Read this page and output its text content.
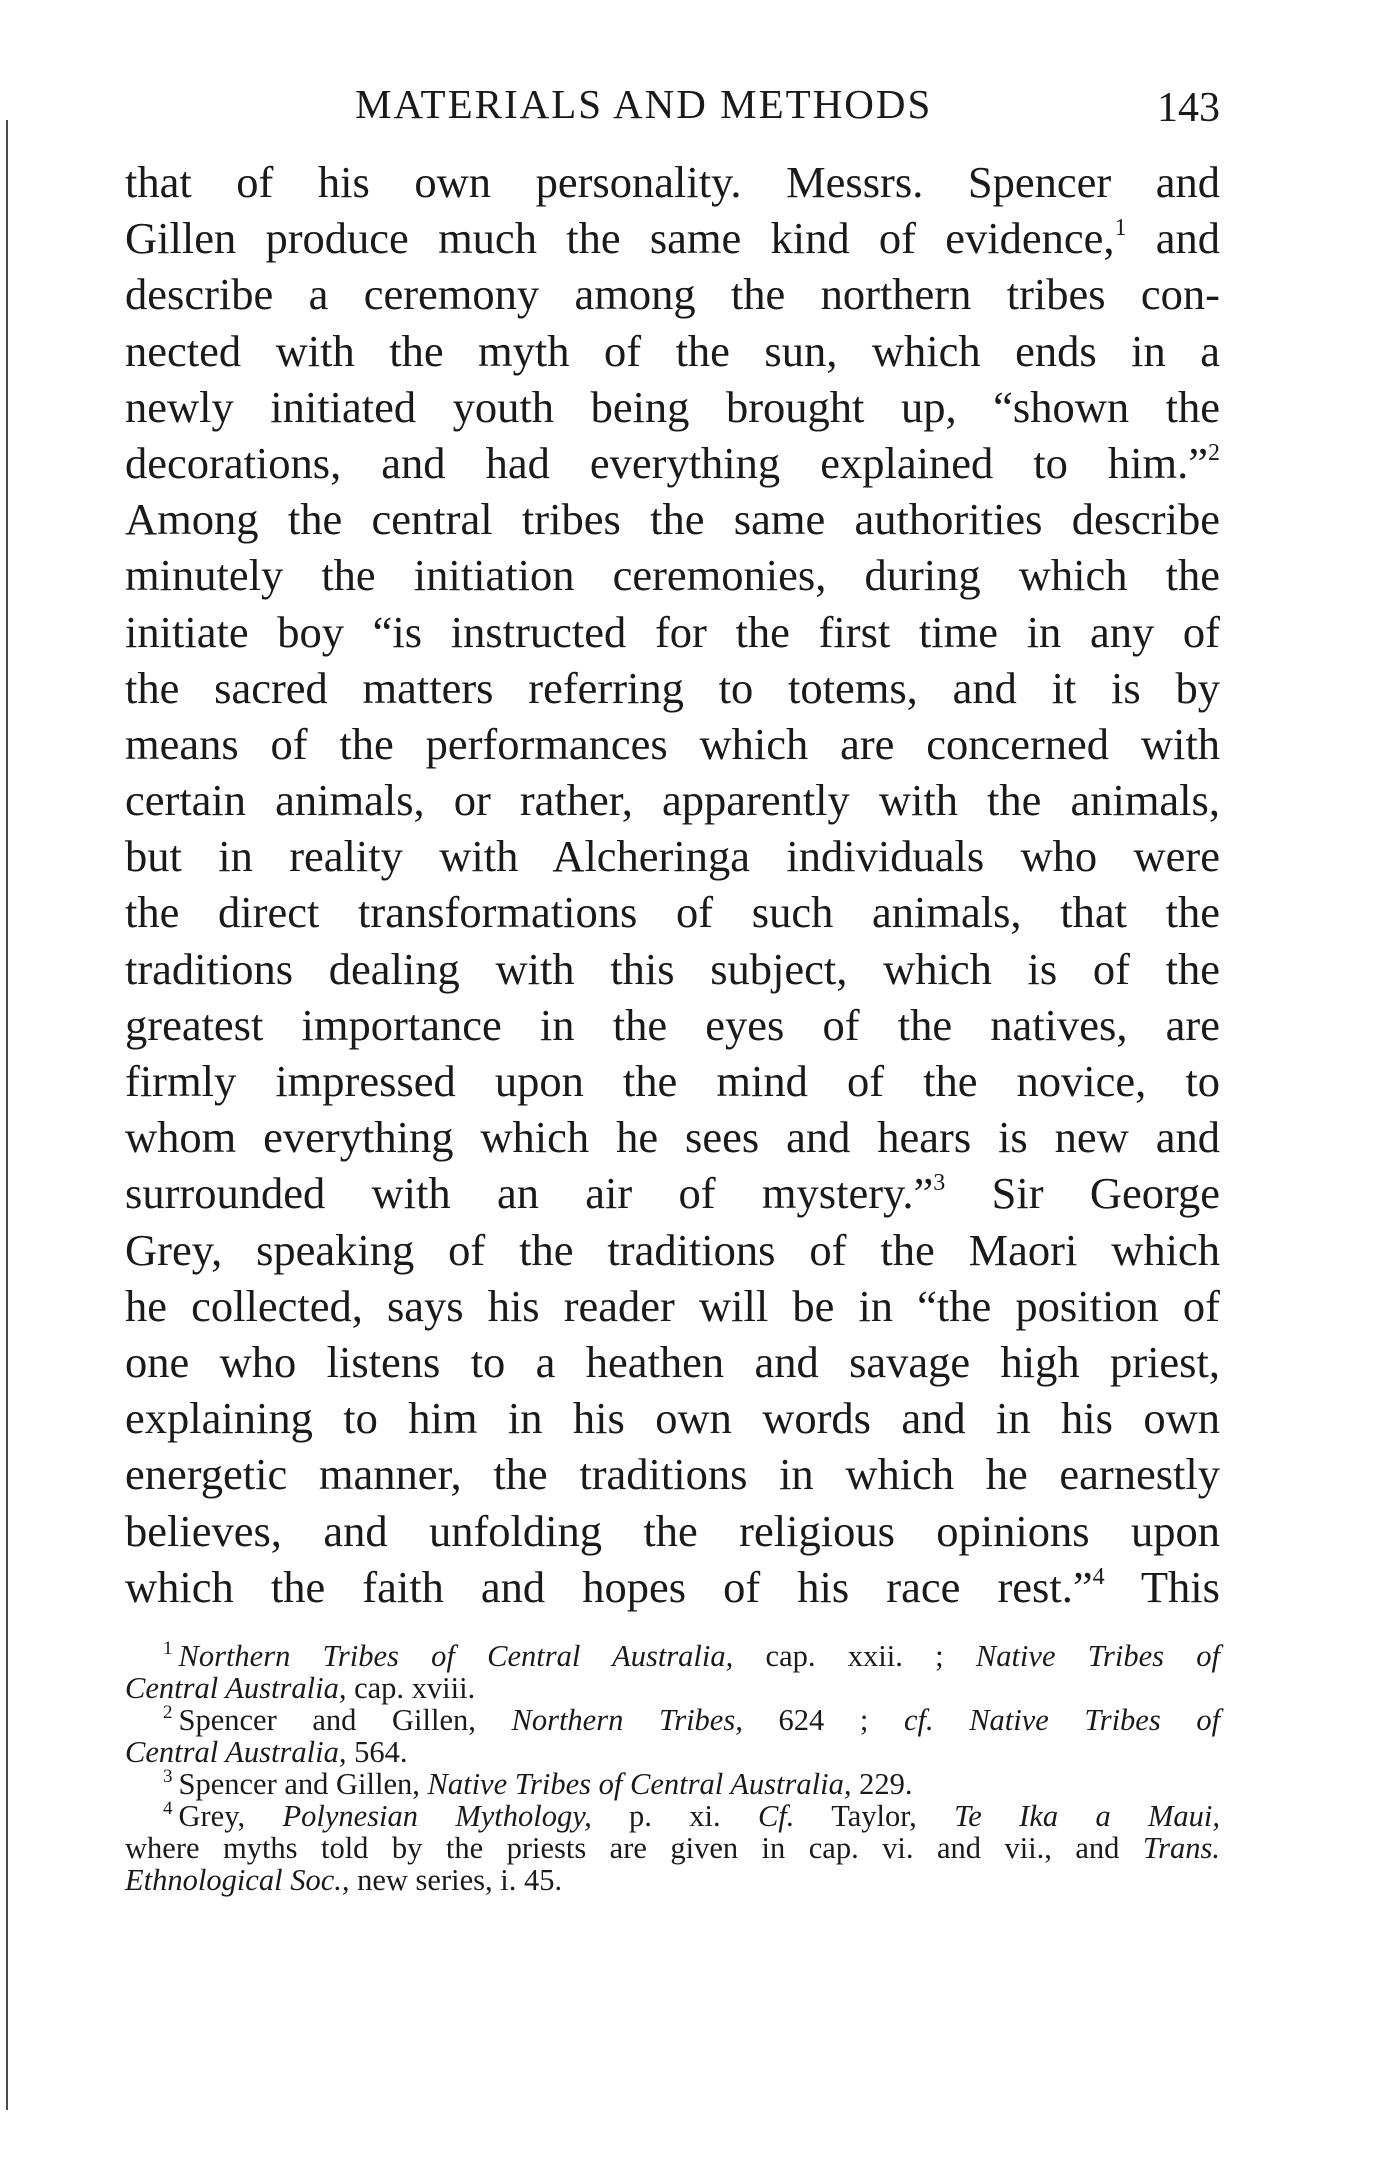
MATERIALS AND METHODS	143
that of his own personality. Messrs. Spencer and
Gillen produce much the same kind of evidence,$^1$ and
describe a ceremony among the northern tribes con-
nected with the myth of the sun, which ends in a
newly initiated youth being brought up, “shown the
decorations, and had everything explained to him.”$^2$
Among the central tribes the same authorities describe
minutely the initiation ceremonies, during which the
initiate boy “is instructed for the first time in any of
the sacred matters referring to totems, and it is by
means of the performances which are concerned with
certain animals, or rather, apparently with the animals,
but in reality with Alcheringa individuals who were
the direct transformations of such animals, that the
traditions dealing with this subject, which is of the
greatest importance in the eyes of the natives, are
firmly impressed upon the mind of the novice, to
whom everything which he sees and hears is new and
surrounded with an air of mystery.”$^3$ Sir George
Grey, speaking of the traditions of the Maori which
he collected, says his reader will be in “the position of
one who listens to a heathen and savage high priest,
explaining to him in his own words and in his own
energetic manner, the traditions in which he earnestly
believes, and unfolding the religious opinions upon
which the faith and hopes of his race rest.”$^4$ This
$^1$ Northern Tribes of Central Australia, cap. xxii. ; Native Tribes of
Central Australia, cap. xviii.
$^2$ Spencer and Gillen, Northern Tribes, 624 ; cf. Native Tribes of
Central Australia, 564.
$^3$ Spencer and Gillen, Native Tribes of Central Australia, 229.
$^4$ Grey, Polynesian Mythology, p. xi. Cf. Taylor, Te Ika a Maui,
where myths told by the priests are given in cap. vi. and vii., and Trans.
Ethnological Soc., new series, i. 45.
